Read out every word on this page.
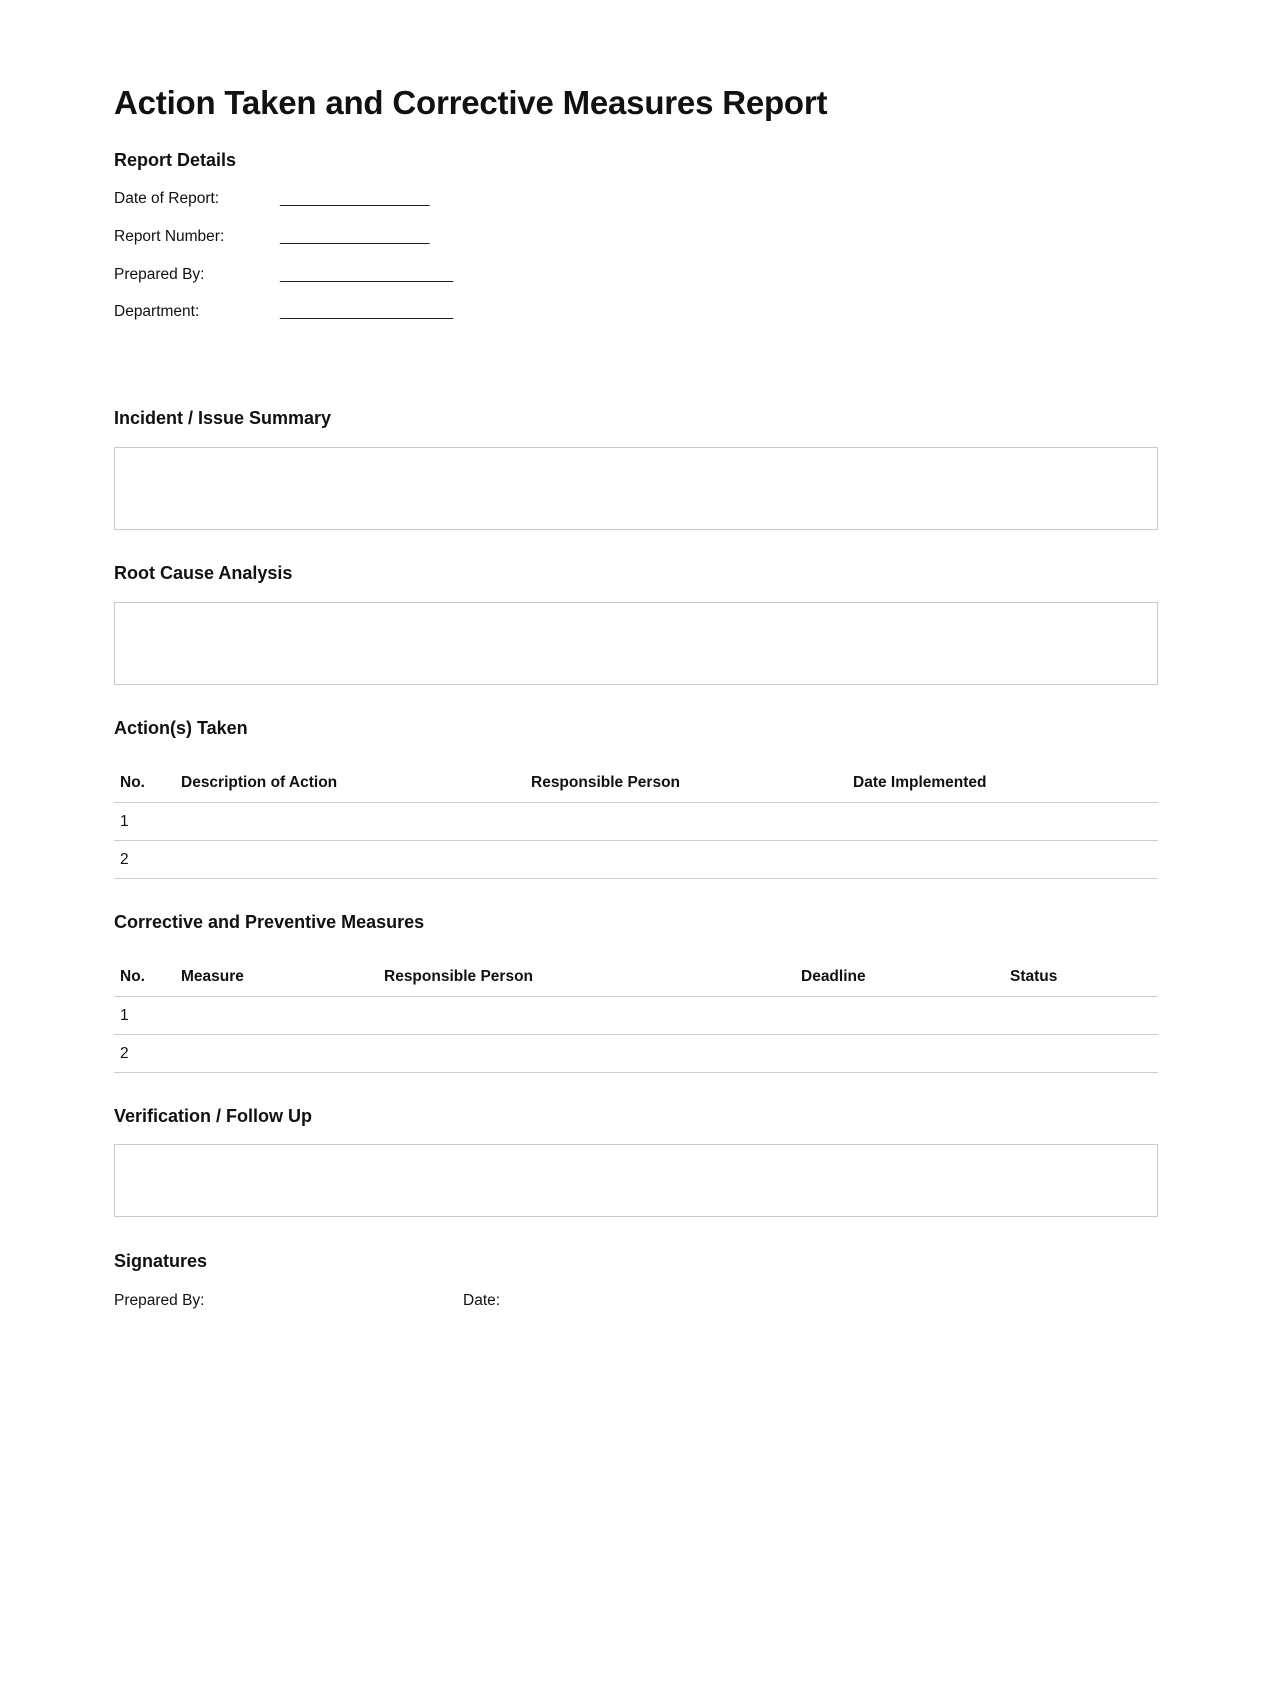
Action Taken and Corrective Measures Report
Report Details
Date of Report:	___________________
Report Number:	___________________
Prepared By:	______________________
Department:	______________________
Incident / Issue Summary
Root Cause Analysis
Action(s) Taken
No.	Description of Action	Responsible Person	Date Implemented
1			
2			
Corrective and Preventive Measures
No.	Measure	Responsible Person	Deadline	Status
1				
2				
Verification / Follow Up
Signatures
Prepared By:	Date:
